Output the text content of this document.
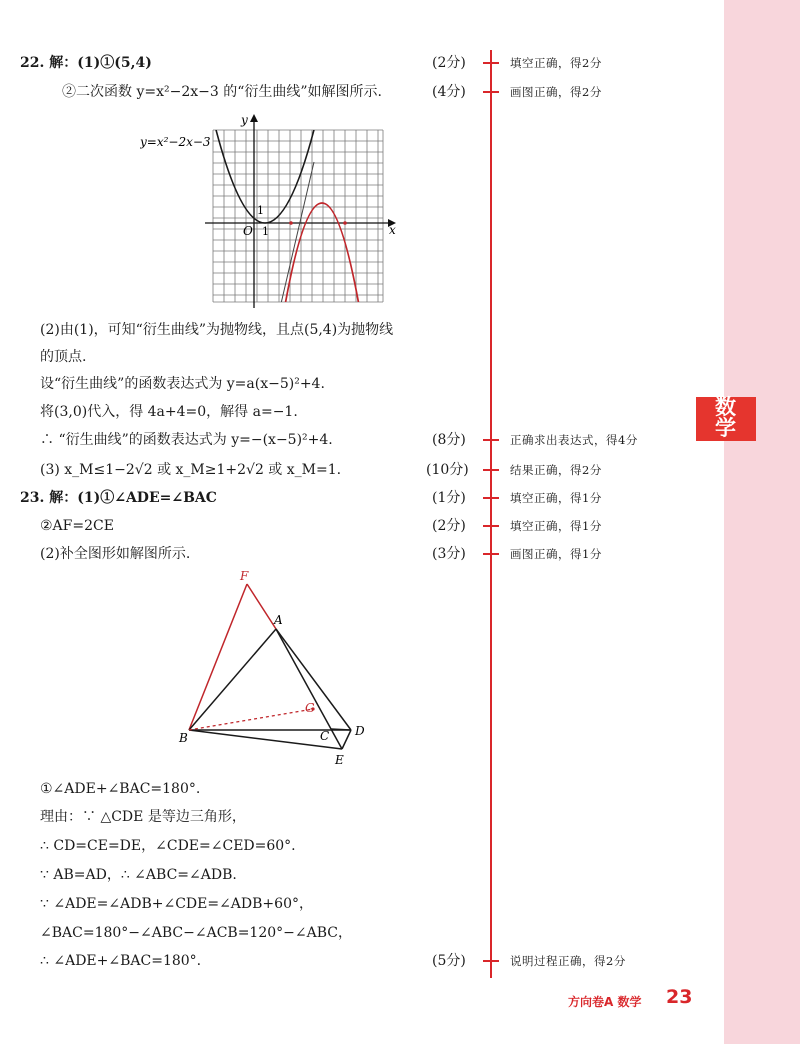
数
学
22. 解：(1)①(5,4)	(2分)	填空正确，得2分
②二次函数 y=x²−2x−3 的“衍生曲线”如解图所示.	(4分)	画图正确，得2分
y=x²−2x−3
y
x
O 1
1
(2)由(1)，可知“衍生曲线”为抛物线，且点(5,4)为抛物线
的顶点.
设“衍生曲线”的函数表达式为 y=a(x−5)²+4.
将(3,0)代入，得 4a+4=0，解得 a=−1.
∴ “衍生曲线”的函数表达式为 y=−(x−5)²+4.	(8分)	正确求出表达式，得4分
(3) x_M≤1−2√2 或 x_M≥1+2√2 或 x_M=1.	(10分)	结果正确，得2分
23. 解：(1)①∠ADE=∠BAC	(1分)	填空正确，得1分
②AF=2CE	(2分)	填空正确，得1分
(2)补全图形如解图所示.	(3分)	画图正确，得1分
F
A
G
B	C D
E
①∠ADE+∠BAC=180°.
理由：∵ △CDE 是等边三角形，
∴ CD=CE=DE，∠CDE=∠CED=60°.
∵ AB=AD，∴ ∠ABC=∠ADB.
∵ ∠ADE=∠ADB+∠CDE=∠ADB+60°，
∠BAC=180°−∠ABC−∠ACB=120°−∠ABC，
∴ ∠ADE+∠BAC=180°.	(5分)	说明过程正确，得2分
方向卷A 数学 23
